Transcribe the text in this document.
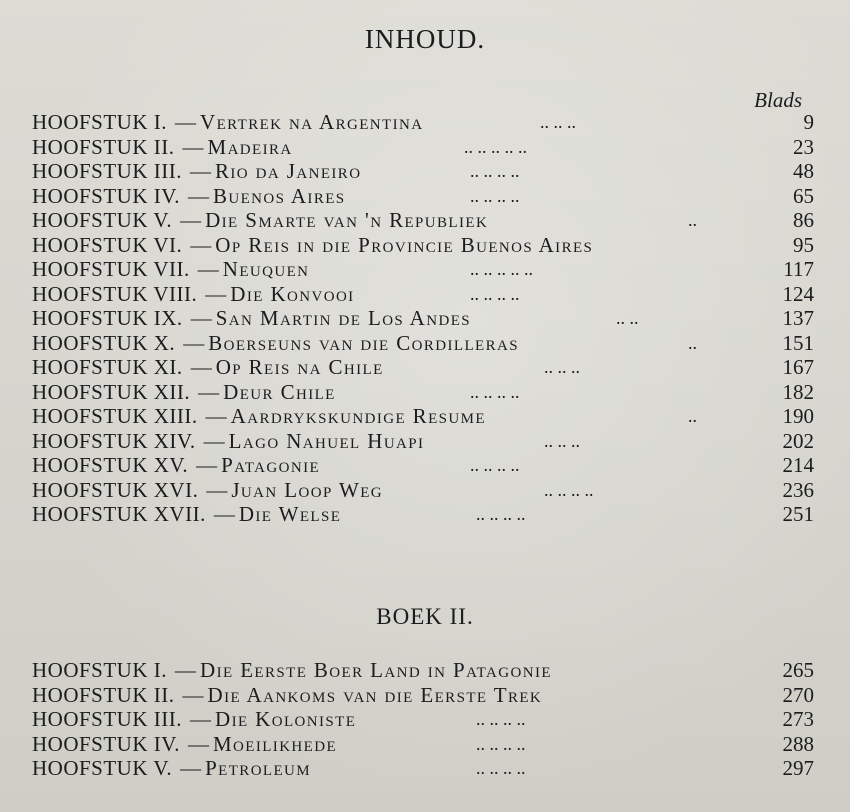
INHOUD.
Blads
HOOFSTUK I. — Vertrek na Argentina	.. .. ..	9
HOOFSTUK II. — Madeira	.. .. .. .. ..	23
HOOFSTUK III. — Rio da Janeiro	.. .. .. ..	48
HOOFSTUK IV. — Buenos Aires	.. .. .. ..	65
HOOFSTUK V. — Die Smarte van 'n Republiek	..	86
HOOFSTUK VI. — Op Reis in die Provincie Buenos Aires	95
HOOFSTUK VII. — Neuquen	.. .. .. .. ..	117
HOOFSTUK VIII. — Die Konvooi	.. .. .. ..	124
HOOFSTUK IX. — San Martin de Los Andes	.. ..	137
HOOFSTUK X. — Boerseuns van die Cordilleras	..	151
HOOFSTUK XI. — Op Reis na Chile	.. .. ..	167
HOOFSTUK XII. — Deur Chile	.. .. .. ..	182
HOOFSTUK XIII. — Aardrykskundige Resume	..	190
HOOFSTUK XIV. — Lago Nahuel Huapi	.. .. ..	202
HOOFSTUK XV. — Patagonie	.. .. .. ..	214
HOOFSTUK XVI. — Juan Loop Weg	.. .. .. ..	236
HOOFSTUK XVII. — Die Welse	.. .. .. ..	251
BOEK II.
HOOFSTUK I. — Die Eerste Boer Land in Patagonie	265
HOOFSTUK II. — Die Aankoms van die Eerste Trek	270
HOOFSTUK III. — Die Koloniste	.. .. .. ..	273
HOOFSTUK IV. — Moeilikhede	.. .. .. ..	288
HOOFSTUK V. — Petroleum	.. .. .. ..	297
